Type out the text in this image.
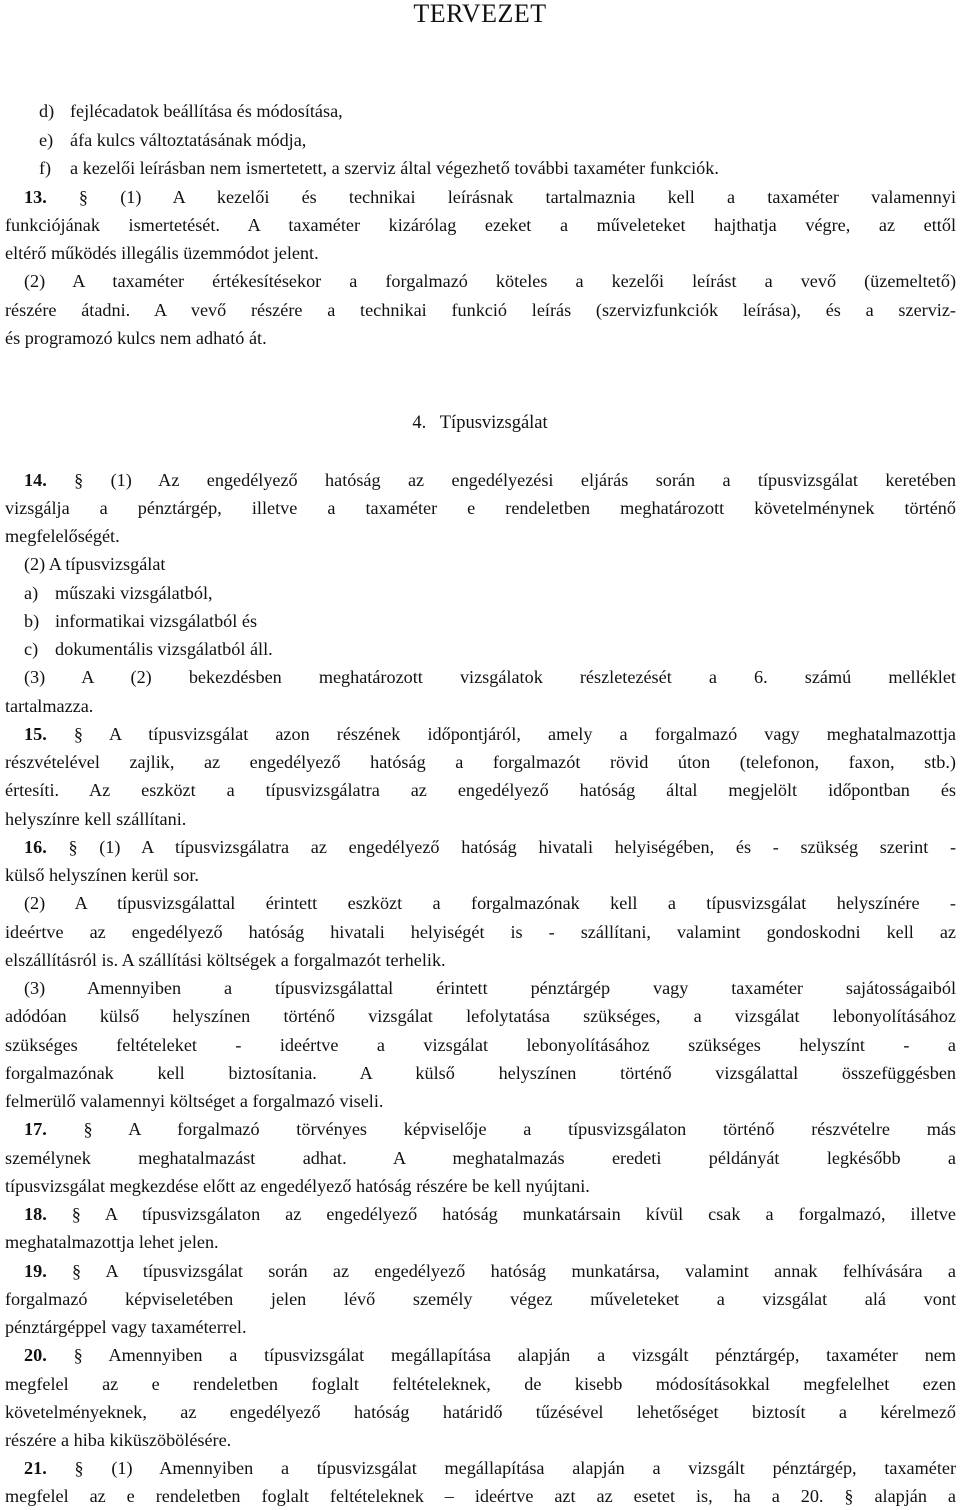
TERVEZET
d) fejlécadatok beállítása és módosítása,
e) áfa kulcs változtatásának módja,
f) a kezelői leírásban nem ismertetett, a szerviz által végezhető további taxaméter funkciók.
13. § (1) A kezelői és technikai leírásnak tartalmaznia kell a taxaméter valamennyi
funkciójának ismertetését. A taxaméter kizárólag ezeket a műveleteket hajthatja végre, az ettől
eltérő működés illegális üzemmódot jelent.
(2) A taxaméter értékesítésekor a forgalmazó köteles a kezelői leírást a vevő (üzemeltető)
részére átadni. A vevő részére a technikai funkció leírás (szervizfunkciók leírása), és a szerviz-
és programozó kulcs nem adható át.
4.   Típusvizsgálat
14. § (1) Az engedélyező hatóság az engedélyezési eljárás során a típusvizsgálat keretében
vizsgálja a pénztárgép, illetve a taxaméter e rendeletben meghatározott követelménynek történő
megfelelőségét.
(2) A típusvizsgálat
a) műszaki vizsgálatból,
b) informatikai vizsgálatból és
c) dokumentális vizsgálatból áll.
(3) A (2) bekezdésben meghatározott vizsgálatok részletezését a 6. számú melléklet
tartalmazza.
15. § A típusvizsgálat azon részének időpontjáról, amely a forgalmazó vagy meghatalmazottja
részvételével zajlik, az engedélyező hatóság a forgalmazót rövid úton (telefonon, faxon, stb.)
értesíti. Az eszközt a típusvizsgálatra az engedélyező hatóság által megjelölt időpontban és
helyszínre kell szállítani.
16. § (1) A típusvizsgálatra az engedélyező hatóság hivatali helyiségében, és - szükség szerint -
külső helyszínen kerül sor.
(2) A típusvizsgálattal érintett eszközt a forgalmazónak kell a típusvizsgálat helyszínére -
ideértve az engedélyező hatóság hivatali helyiségét is - szállítani, valamint gondoskodni kell az
elszállításról is. A szállítási költségek a forgalmazót terhelik.
(3) Amennyiben a típusvizsgálattal érintett pénztárgép vagy taxaméter sajátosságaiból
adódóan külső helyszínen történő vizsgálat lefolytatása szükséges, a vizsgálat lebonyolításához
szükséges feltételeket - ideértve a vizsgálat lebonyolításához szükséges helyszínt - a
forgalmazónak kell biztosítania. A külső helyszínen történő vizsgálattal összefüggésben
felmerülő valamennyi költséget a forgalmazó viseli.
17. § A forgalmazó törvényes képviselője a típusvizsgálaton történő részvételre más
személynek meghatalmazást adhat. A meghatalmazás eredeti példányát legkésőbb a
típusvizsgálat megkezdése előtt az engedélyező hatóság részére be kell nyújtani.
18. § A típusvizsgálaton az engedélyező hatóság munkatársain kívül csak a forgalmazó, illetve
meghatalmazottja lehet jelen.
19. § A típusvizsgálat során az engedélyező hatóság munkatársa, valamint annak felhívására a
forgalmazó képviseletében jelen lévő személy végez műveleteket a vizsgálat alá vont
pénztárgéppel vagy taxaméterrel.
20. § Amennyiben a típusvizsgálat megállapítása alapján a vizsgált pénztárgép, taxaméter nem
megfelel az e rendeletben foglalt feltételeknek, de kisebb módosításokkal megfelelhet ezen
követelményeknek, az engedélyező hatóság határidő tűzésével lehetőséget biztosít a kérelmező
részére a hiba kiküszöbölésére.
21. § (1) Amennyiben a típusvizsgálat megállapítása alapján a vizsgált pénztárgép, taxaméter
megfelel az e rendeletben foglalt feltételeknek – ideértve azt az esetet is, ha a 20. § alapján a
